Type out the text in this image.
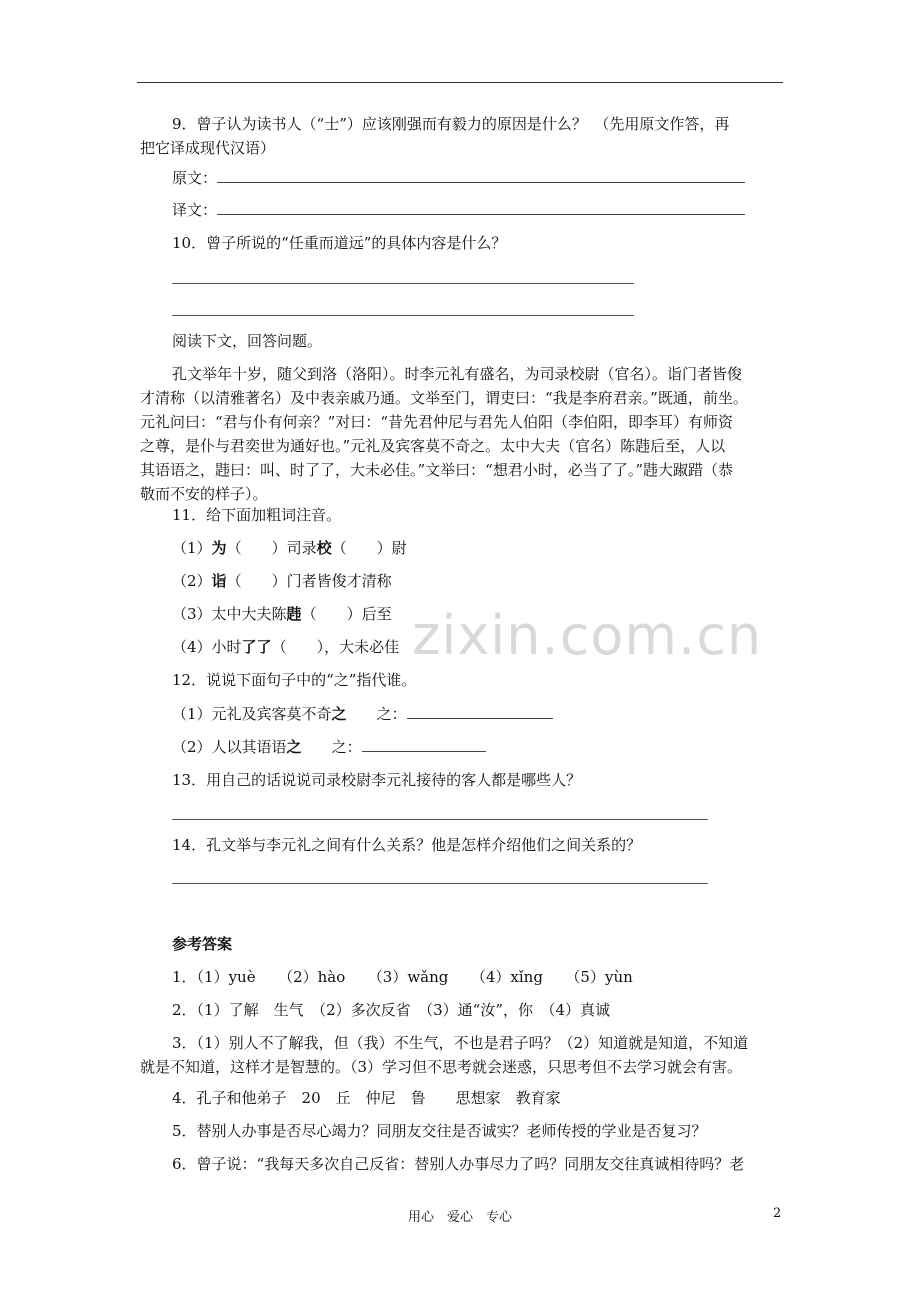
9．曾子认为读书人（“士”）应该刚强而有毅力的原因是什么？　（先用原文作答，再
把它译成现代汉语）
原文：
译文：
10．曾子所说的“任重而道远”的具体内容是什么？
阅读下文，回答问题。
孔文举年十岁，随父到洛（洛阳）。时李元礼有盛名，为司录校尉（官名）。诣门者皆俊
才清称（以清雅著名）及中表亲戚乃通。文举至门，谓吏曰：“我是李府君亲。”既通，前坐。
元礼问曰：“君与仆有何亲？”对曰：“昔先君仲尼与君先人伯阳（李伯阳，即李耳）有师资
之尊，是仆与君奕世为通好也。”元礼及宾客莫不奇之。太中大夫（官名）陈韪后至，人以
其语语之，韪曰：叫、时了了，大未必佳。”文举曰：“想君小时，必当了了。”韪大踧踖（恭
敬而不安的样子）。
11．给下面加粗词注音。
（1）为（　　）司录校（　　）尉
（2）诣（　　）门者皆俊才清称
（3）太中大夫陈韪（　　）后至
（4）小时了了（　　），大未必佳
12．说说下面句子中的“之”指代谁。
（1）元礼及宾客莫不奇之　　之：
（2）人以其语语之　　之：
13．用自己的话说说司录校尉李元礼接待的客人都是哪些人？
14．孔文举与李元礼之间有什么关系？他是怎样介绍他们之间关系的？
参考答案
1．（1）yuè　　（2）hào　　（3）wǎng　　（4）xǐng　　（5）yùn
2．（1）了解　生气　（2）多次反省　（3）通“汝”，你　（4）真诚
3．（1）别人不了解我，但（我）不生气，不也是君子吗？（2）知道就是知道，不知道
就是不知道，这样才是智慧的。（3）学习但不思考就会迷惑，只思考但不去学习就会有害。
4．孔子和他弟子　20　丘　仲尼　鲁　　思想家　教育家
5．替别人办事是否尽心竭力？同朋友交往是否诚实？老师传授的学业是否复习？
6．曾子说：“我每天多次自己反省：替别人办事尽力了吗？同朋友交往真诚相待吗？老
zixin.com.cn
用心　爱心　专心	2
